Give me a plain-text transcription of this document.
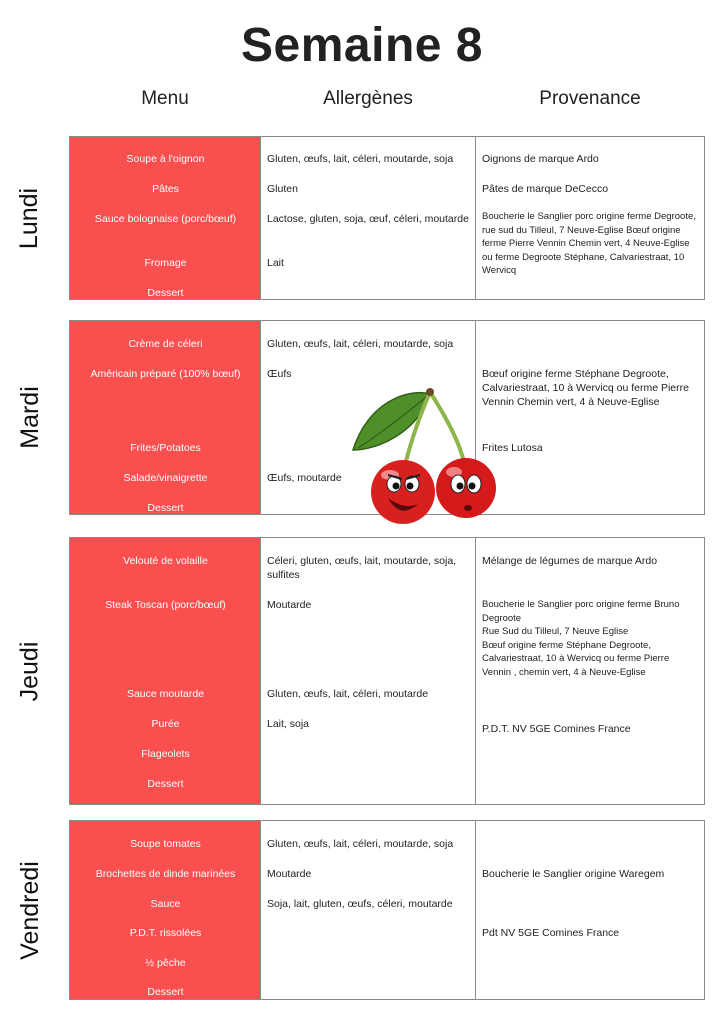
Semaine 8
Menu	Allergènes	Provenance
Lundi
Soupe à l'oignon
Pâtes
Sauce bolognaise (porc/bœuf)
Fromage
Dessert
Gluten, œufs, lait, céleri, moutarde, soja
Gluten
Lactose, gluten, soja, œuf, céleri, moutarde
Lait
Oignons de marque Ardo
Pâtes de marque DeCecco
Boucherie le Sanglier porc origine ferme Degroote, rue sud du Tilleul, 7 Neuve-Eglise Bœuf origine ferme Pierre Vennin Chemin vert, 4 Neuve-Eglise ou ferme Degroote Stéphane, Calvariestraat, 10 Wervicq
Mardi
Crème de céleri
Américain préparé (100% bœuf)
Frites/Potatoes
Salade/vinaigrette
Dessert
Gluten, œufs, lait, céleri, moutarde, soja
Œufs
Œufs, moutarde
Bœuf origine ferme Stéphane Degroote, Calvariestraat, 10 à Wervicq ou ferme Pierre Vennin Chemin vert, 4 à Neuve-Eglise
Frites Lutosa
Jeudi
Velouté de volaille
Steak Toscan (porc/bœuf)
Sauce moutarde
Purée
Flageolets
Dessert
Céleri, gluten, œufs, lait, moutarde, soja, sulfites
Moutarde
Gluten, œufs, lait, céleri, moutarde
Lait, soja
Mélange de légumes de marque Ardo
Boucherie le Sanglier porc origine ferme Bruno Degroote
Rue Sud du Tilleul, 7 Neuve Eglise
Bœuf origine ferme Stéphane Degroote, Calvariestraat, 10 à Wervicq ou ferme Pierre Vennin , chemin vert, 4 à Neuve-Eglise
P.D.T. NV 5GE Comines France
Vendredi
Soupe tomates
Brochettes de dinde marinées
Sauce
P.D.T. rissolées
½ pêche
Dessert
Gluten, œufs, lait, céleri, moutarde, soja
Moutarde
Soja, lait, gluten, œufs, céleri, moutarde
Boucherie le Sanglier origine Waregem
Pdt NV 5GE Comines France
